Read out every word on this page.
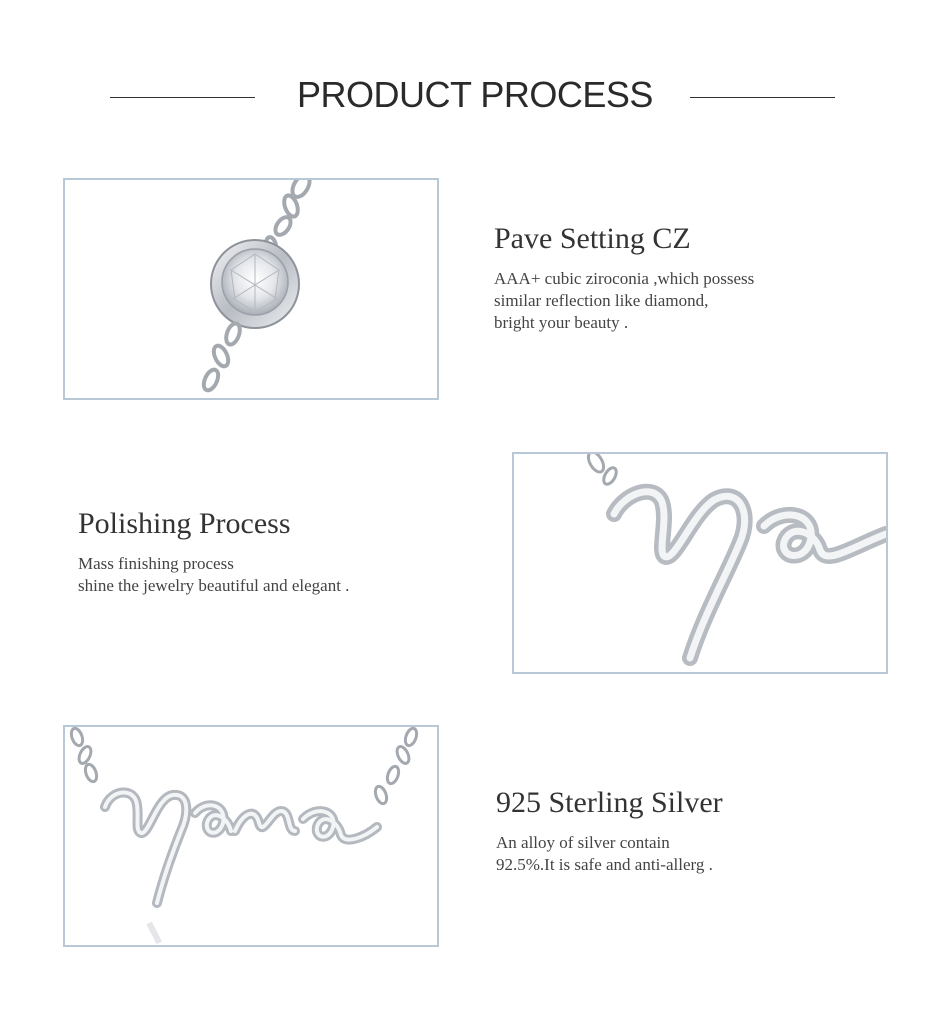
PRODUCT PROCESS
Pave Setting CZ
AAA+ cubic ziroconia ,which possess
similar reflection like diamond,
bright your beauty .
Polishing Process
Mass finishing process
shine the jewelry beautiful and elegant .
925 Sterling Silver
An alloy of silver contain
92.5%.It is safe and anti-allerg .
